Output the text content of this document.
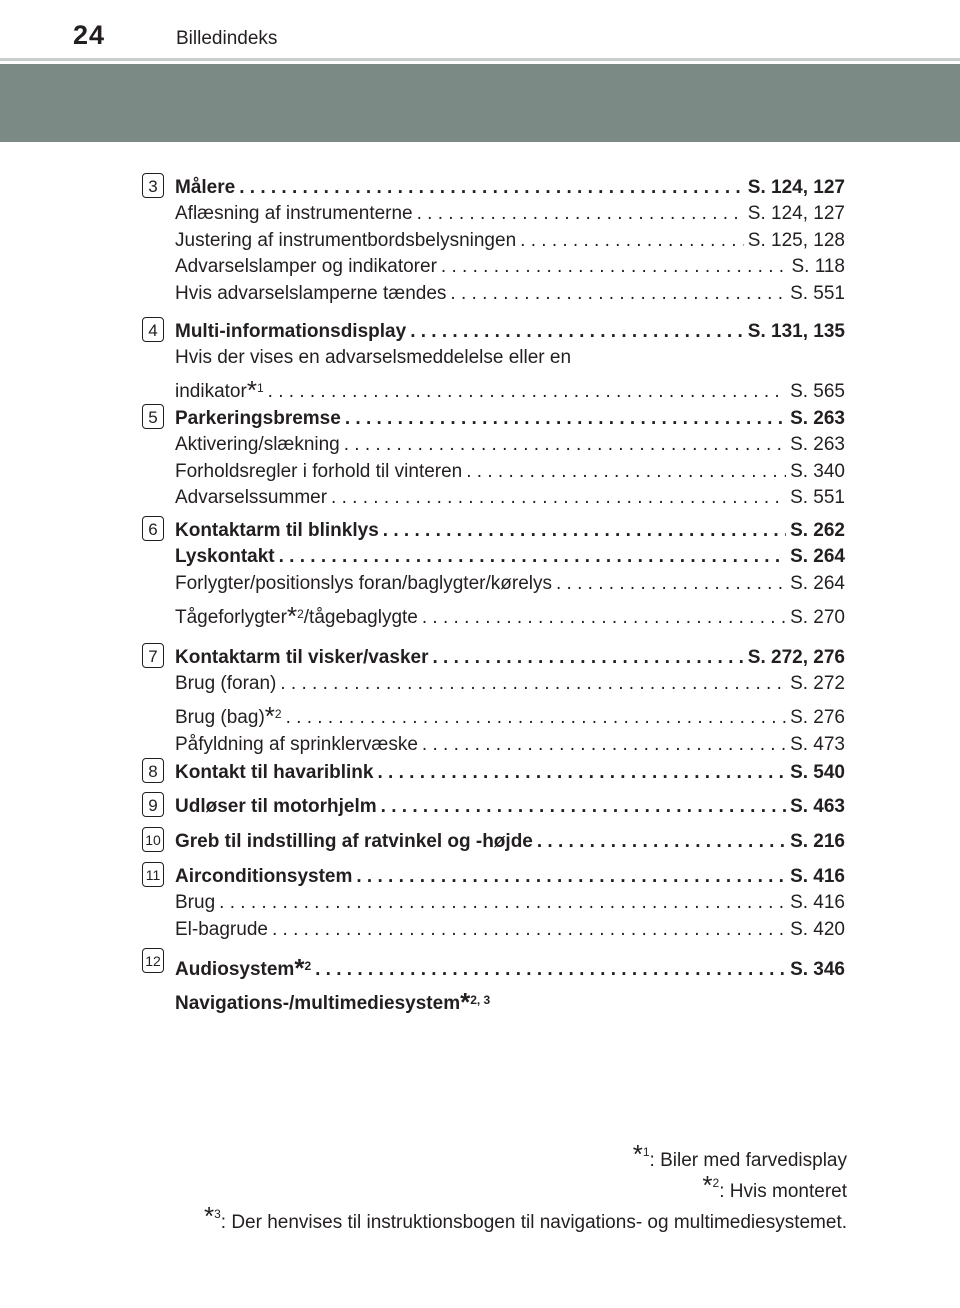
24	Billedindeks
3 Målere . . .	S. 124, 127
Aflæsning af instrumenterne . . .	S. 124, 127
Justering af instrumentbordsbelysningen . . .	S. 125, 128
Advarselslamper og indikatorer . . .	S. 118
Hvis advarselslamperne tændes . . .	S. 551
4 Multi-informationsdisplay . . .	S. 131, 135
Hvis der vises en advarselsmeddelelse eller en
indikator*$^1$ . . .	S. 565
5 Parkeringsbremse . . .	S. 263
Aktivering/slækning . . .	S. 263
Forholdsregler i forhold til vinteren . . .	S. 340
Advarselssummer . . .	S. 551
6 Kontaktarm til blinklys . . .	S. 262
Lyskontakt . . .	S. 264
Forlygter/positionslys foran/baglygter/kørelys . . .	S. 264
Tågeforlygter*$^2$/tågebaglygte . . .	S. 270
7 Kontaktarm til visker/vasker . . .	S. 272, 276
Brug (foran) . . .	S. 272
Brug (bag)*$^2$ . . .	S. 276
Påfyldning af sprinklervæske . . .	S. 473
8 Kontakt til havariblink . . .	S. 540
9 Udløser til motorhjelm . . .	S. 463
10 Greb til indstilling af ratvinkel og -højde . . .	S. 216
11 Airconditionsystem . . .	S. 416
Brug . . .	S. 416
El-bagrude . . .	S. 420
12 Audiosystem*$^2$ . . .	S. 346
Navigations-/multimediesystem*$^{2, 3}$
*$^1$: Biler med farvedisplay
*$^2$: Hvis monteret
*$^3$: Der henvises til instruktionsbogen til navigations- og multimediesystemet.
